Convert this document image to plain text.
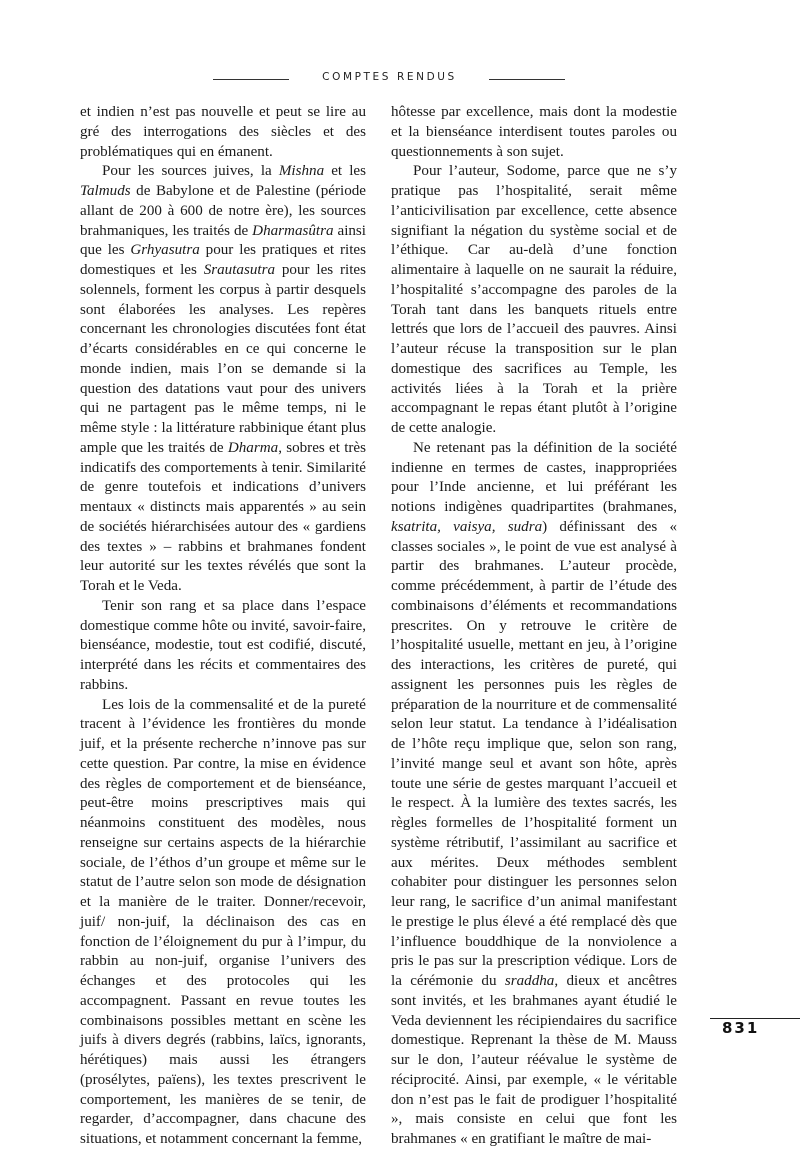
COMPTES RENDUS

et indien n’est pas nouvelle et peut se lire au gré des interrogations des siècles et des problématiques qui en émanent.

Pour les sources juives, la Mishna et les Talmuds de Babylone et de Palestine (période allant de 200 à 600 de notre ère), les sources brahmaniques, les traités de Dharmasûtra ainsi que les Grhyasutra pour les pratiques et rites domestiques et les Srautasutra pour les rites solennels, forment les corpus à partir desquels sont élaborées les analyses. Les repères concernant les chronologies discutées font état d’écarts considérables en ce qui concerne le monde indien, mais l’on se demande si la question des datations vaut pour des univers qui ne partagent pas le même temps, ni le même style : la littérature rabbinique étant plus ample que les traités de Dharma, sobres et très indicatifs des comportements à tenir. Similarité de genre toutefois et indications d’univers mentaux « distincts mais apparentés » au sein de sociétés hiérarchisées autour des « gardiens des textes » – rabbins et brahmanes fondent leur autorité sur les textes révélés que sont la Torah et le Veda.

Tenir son rang et sa place dans l’espace domestique comme hôte ou invité, savoir-faire, bienséance, modestie, tout est codifié, discuté, interprété dans les récits et commentaires des rabbins.

Les lois de la commensalité et de la pureté tracent à l’évidence les frontières du monde juif, et la présente recherche n’innove pas sur cette question. Par contre, la mise en évidence des règles de comportement et de bienséance, peut-être moins prescriptives mais qui néanmoins constituent des modèles, nous renseigne sur certains aspects de la hiérarchie sociale, de l’éthos d’un groupe et même sur le statut de l’autre selon son mode de désignation et la manière de le traiter. Donner/recevoir, juif/ non-juif, la déclinaison des cas en fonction de l’éloignement du pur à l’impur, du rabbin au non-juif, organise l’univers des échanges et des protocoles qui les accompagnent. Passant en revue toutes les combinaisons possibles mettant en scène les juifs à divers degrés (rabbins, laïcs, ignorants, hérétiques) mais aussi les étrangers (prosélytes, païens), les textes prescrivent le comportement, les manières de se tenir, de regarder, d’accompagner, dans chacune des situations, et notamment concernant la femme,

hôtesse par excellence, mais dont la modestie et la bienséance interdisent toutes paroles ou questionnements à son sujet.

Pour l’auteur, Sodome, parce que ne s’y pratique pas l’hospitalité, serait même l’anticivilisation par excellence, cette absence signifiant la négation du système social et de l’éthique. Car au-delà d’une fonction alimentaire à laquelle on ne saurait la réduire, l’hospitalité s’accompagne des paroles de la Torah tant dans les banquets rituels entre lettrés que lors de l’accueil des pauvres. Ainsi l’auteur récuse la transposition sur le plan domestique des sacrifices au Temple, les activités liées à la Torah et la prière accompagnant le repas étant plutôt à l’origine de cette analogie.

Ne retenant pas la définition de la société indienne en termes de castes, inappropriées pour l’Inde ancienne, et lui préférant les notions indigènes quadripartites (brahmanes, ksatrita, vaisya, sudra) définissant des « classes sociales », le point de vue est analysé à partir des brahmanes. L’auteur procède, comme précédemment, à partir de l’étude des combinaisons d’éléments et recommandations prescrites. On y retrouve le critère de l’hospitalité usuelle, mettant en jeu, à l’origine des interactions, les critères de pureté, qui assignent les personnes puis les règles de préparation de la nourriture et de commensalité selon leur statut. La tendance à l’idéalisation de l’hôte reçu implique que, selon son rang, l’invité mange seul et avant son hôte, après toute une série de gestes marquant l’accueil et le respect. À la lumière des textes sacrés, les règles formelles de l’hospitalité forment un système rétributif, l’assimilant au sacrifice et aux mérites. Deux méthodes semblent cohabiter pour distinguer les personnes selon leur rang, le sacrifice d’un animal manifestant le prestige le plus élevé a été remplacé dès que l’influence bouddhique de la nonviolence a pris le pas sur la prescription védique. Lors de la cérémonie du sraddha, dieux et ancêtres sont invités, et les brahmanes ayant étudié le Veda deviennent les récipiendaires du sacrifice domestique. Reprenant la thèse de M. Mauss sur le don, l’auteur réévalue le système de réciprocité. Ainsi, par exemple, « le véritable don n’est pas le fait de prodiguer l’hospitalité », mais consiste en celui que font les brahmanes « en gratifiant le maître de mai-

831
